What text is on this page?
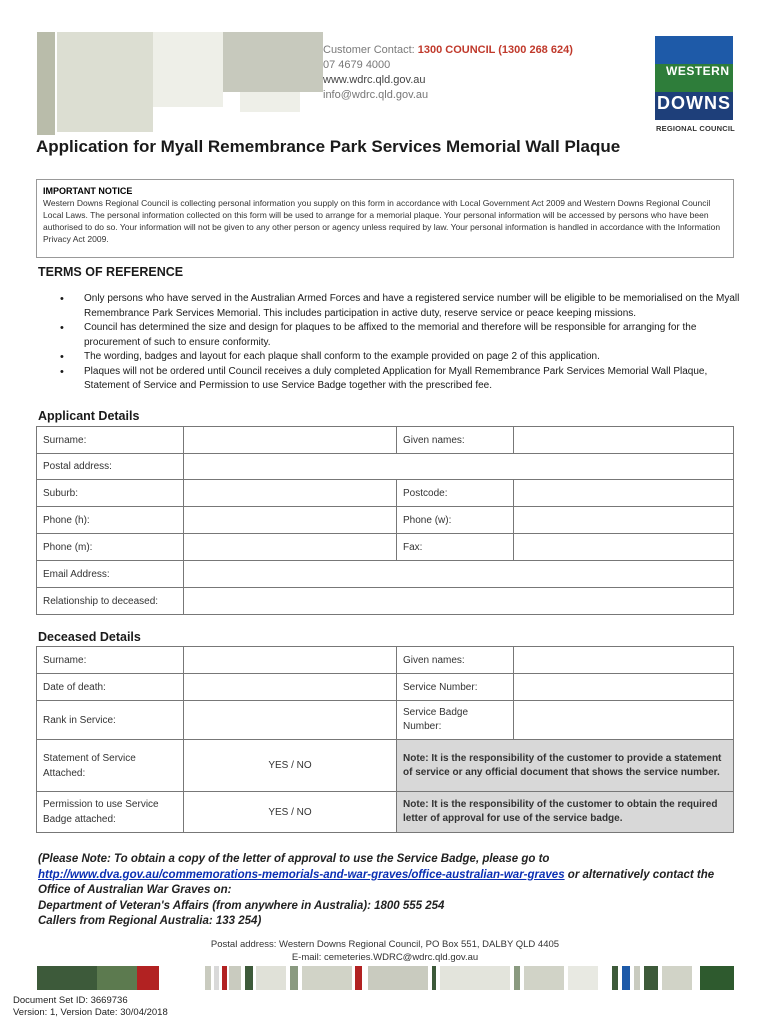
Customer Contact: 1300 COUNCIL (1300 268 624)
07 4679 4000
www.wdrc.qld.gov.au
info@wdrc.qld.gov.au
WESTERN
DOWNS
REGIONAL COUNCIL
Application for Myall Remembrance Park Services Memorial Wall Plaque
IMPORTANT NOTICE
Western Downs Regional Council is collecting personal information you supply on this form in accordance with Local Government Act 2009 and Western Downs Regional Council Local Laws. The personal information collected on this form will be used to arrange for a memorial plaque. Your personal information will be accessed by persons who have been authorised to do so. Your information will not be given to any other person or agency unless required by law. Your personal information is handled in accordance with the Information Privacy Act 2009.
TERMS OF REFERENCE
• Only persons who have served in the Australian Armed Forces and have a registered service number will be eligible to be memorialised on the Myall Remembrance Park Services Memorial. This includes participation in active duty, reserve service or peace keeping missions.
• Council has determined the size and design for plaques to be affixed to the memorial and therefore will be responsible for arranging for the procurement of such to ensure conformity.
• The wording, badges and layout for each plaque shall conform to the example provided on page 2 of this application.
• Plaques will not be ordered until Council receives a duly completed Application for Myall Remembrance Park Services Memorial Wall Plaque, Statement of Service and Permission to use Service Badge together with the prescribed fee.
Applicant Details
Surname:		Given names:	
Postal address:			
Suburb:		Postcode:	
Phone (h):		Phone (w):	
Phone (m):		Fax:	
Email Address:			
Relationship to deceased:			
Deceased Details
Surname:		Given names:	
Date of death:		Service Number:	
Rank in Service:		Service Badge Number:	
Statement of Service Attached:	YES / NO	Note: It is the responsibility of the customer to provide a statement of service or any official document that shows the service number.	
Permission to use Service Badge attached:	YES / NO	Note: It is the responsibility of the customer to obtain the required letter of approval for use of the service badge.	
(Please Note: To obtain a copy of the letter of approval to use the Service Badge, please go to
http://www.dva.gov.au/commemorations-memorials-and-war-graves/office-australian-war-graves or alternatively contact the Office of Australian War Graves on:
Department of Veteran's Affairs (from anywhere in Australia): 1800 555 254
Callers from Regional Australia: 133 254)
Postal address: Western Downs Regional Council, PO Box 551, DALBY QLD 4405
E-mail: cemeteries.WDRC@wdrc.qld.gov.au
Document Set ID: 3669736
Version: 1, Version Date: 30/04/2018
